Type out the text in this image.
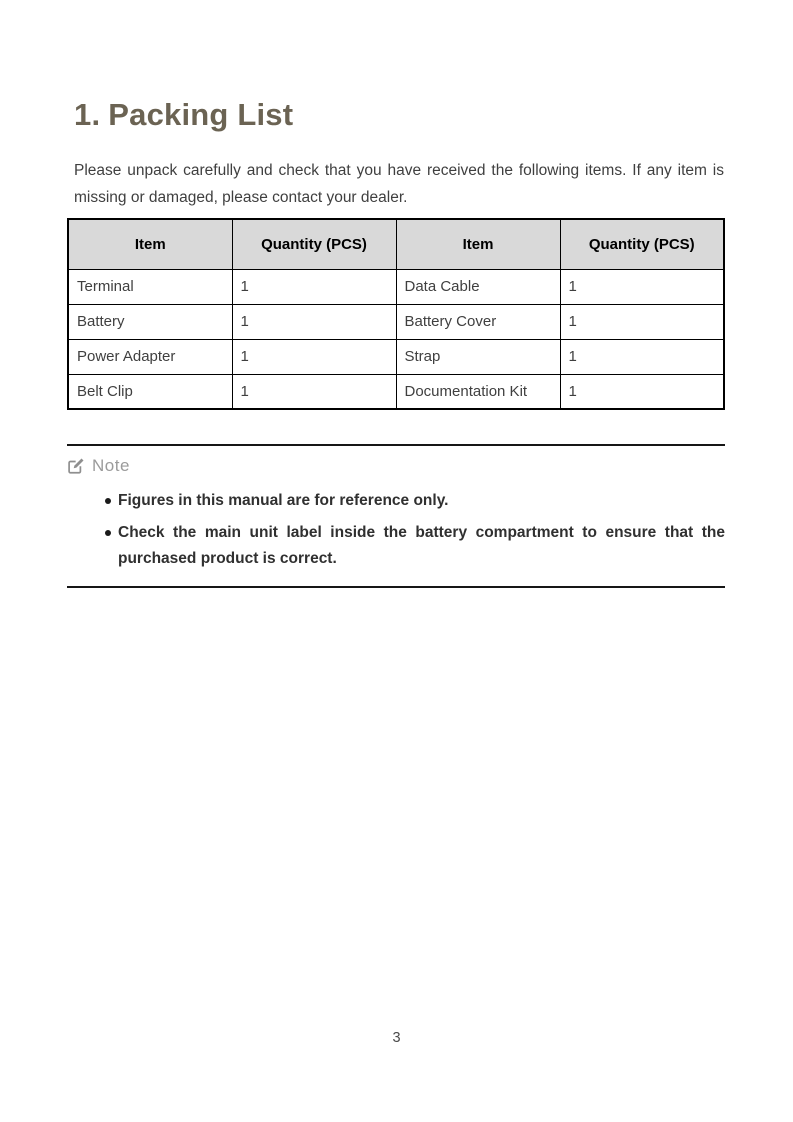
1. Packing List

Please unpack carefully and check that you have received the following items. If any item is missing or damaged, please contact your dealer.

Item	Quantity (PCS)	Item	Quantity (PCS)
Terminal	1	Data Cable	1
Battery	1	Battery Cover	1
Power Adapter	1	Strap	1
Belt Clip	1	Documentation Kit	1
Note
Figures in this manual are for reference only.
Check the main unit label inside the battery compartment to ensure that the purchased product is correct.
3
